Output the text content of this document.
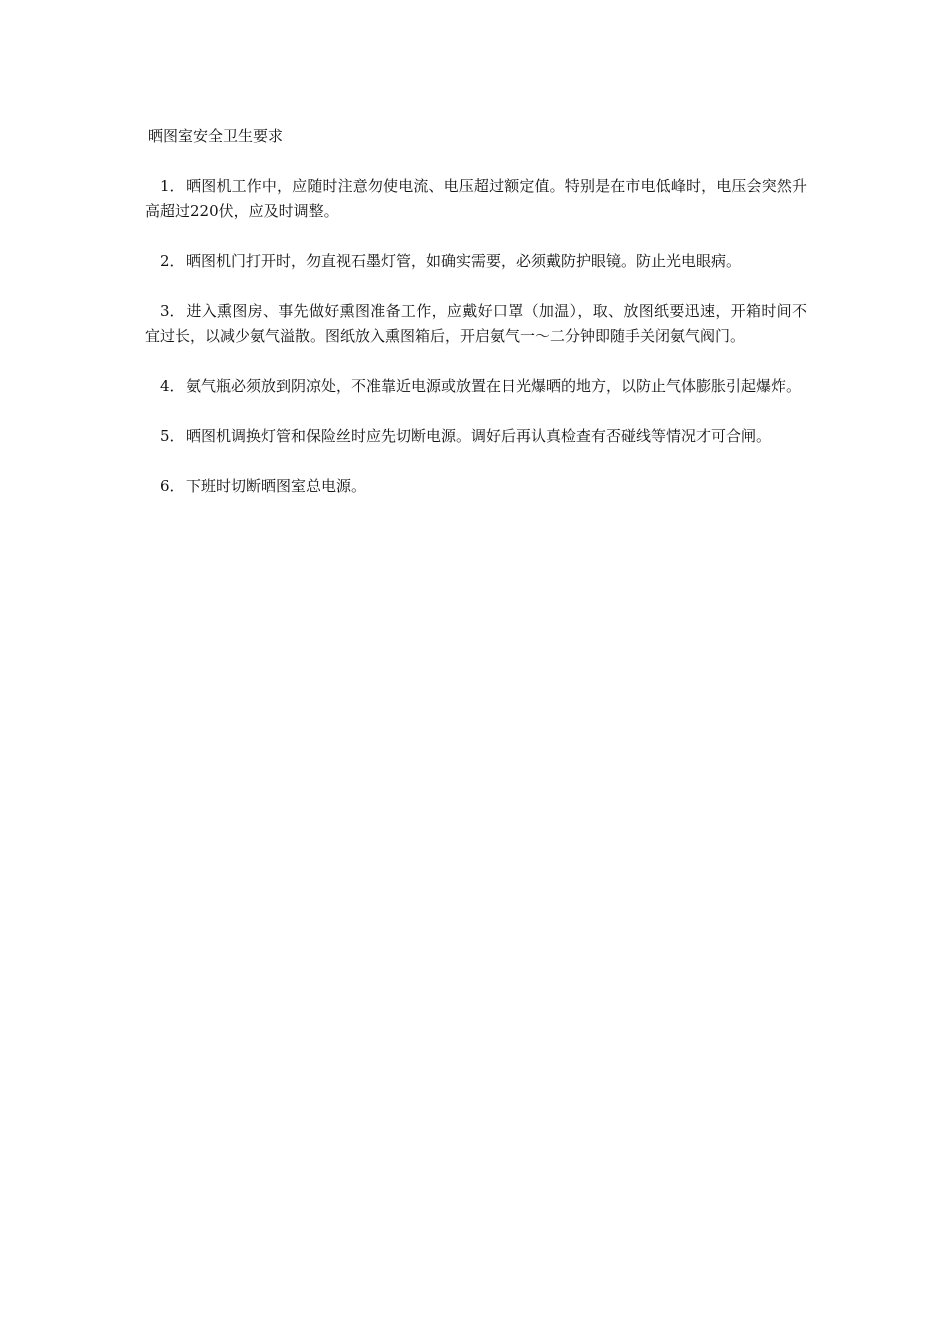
晒图室安全卫生要求

1．晒图机工作中，应随时注意勿使电流、电压超过额定值。特别是在市电低峰时，电压会突然升高超过220伏，应及时调整。

2．晒图机门打开时，勿直视石墨灯管，如确实需要，必须戴防护眼镜。防止光电眼病。

3．进入熏图房、事先做好熏图准备工作，应戴好口罩（加温），取、放图纸要迅速，开箱时间不宜过长，以减少氨气溢散。图纸放入熏图箱后，开启氨气一～二分钟即随手关闭氨气阀门。

4．氨气瓶必须放到阴凉处，不准靠近电源或放置在日光爆晒的地方，以防止气体膨胀引起爆炸。

5．晒图机调换灯管和保险丝时应先切断电源。调好后再认真检查有否碰线等情况才可合闸。

6．下班时切断晒图室总电源。
